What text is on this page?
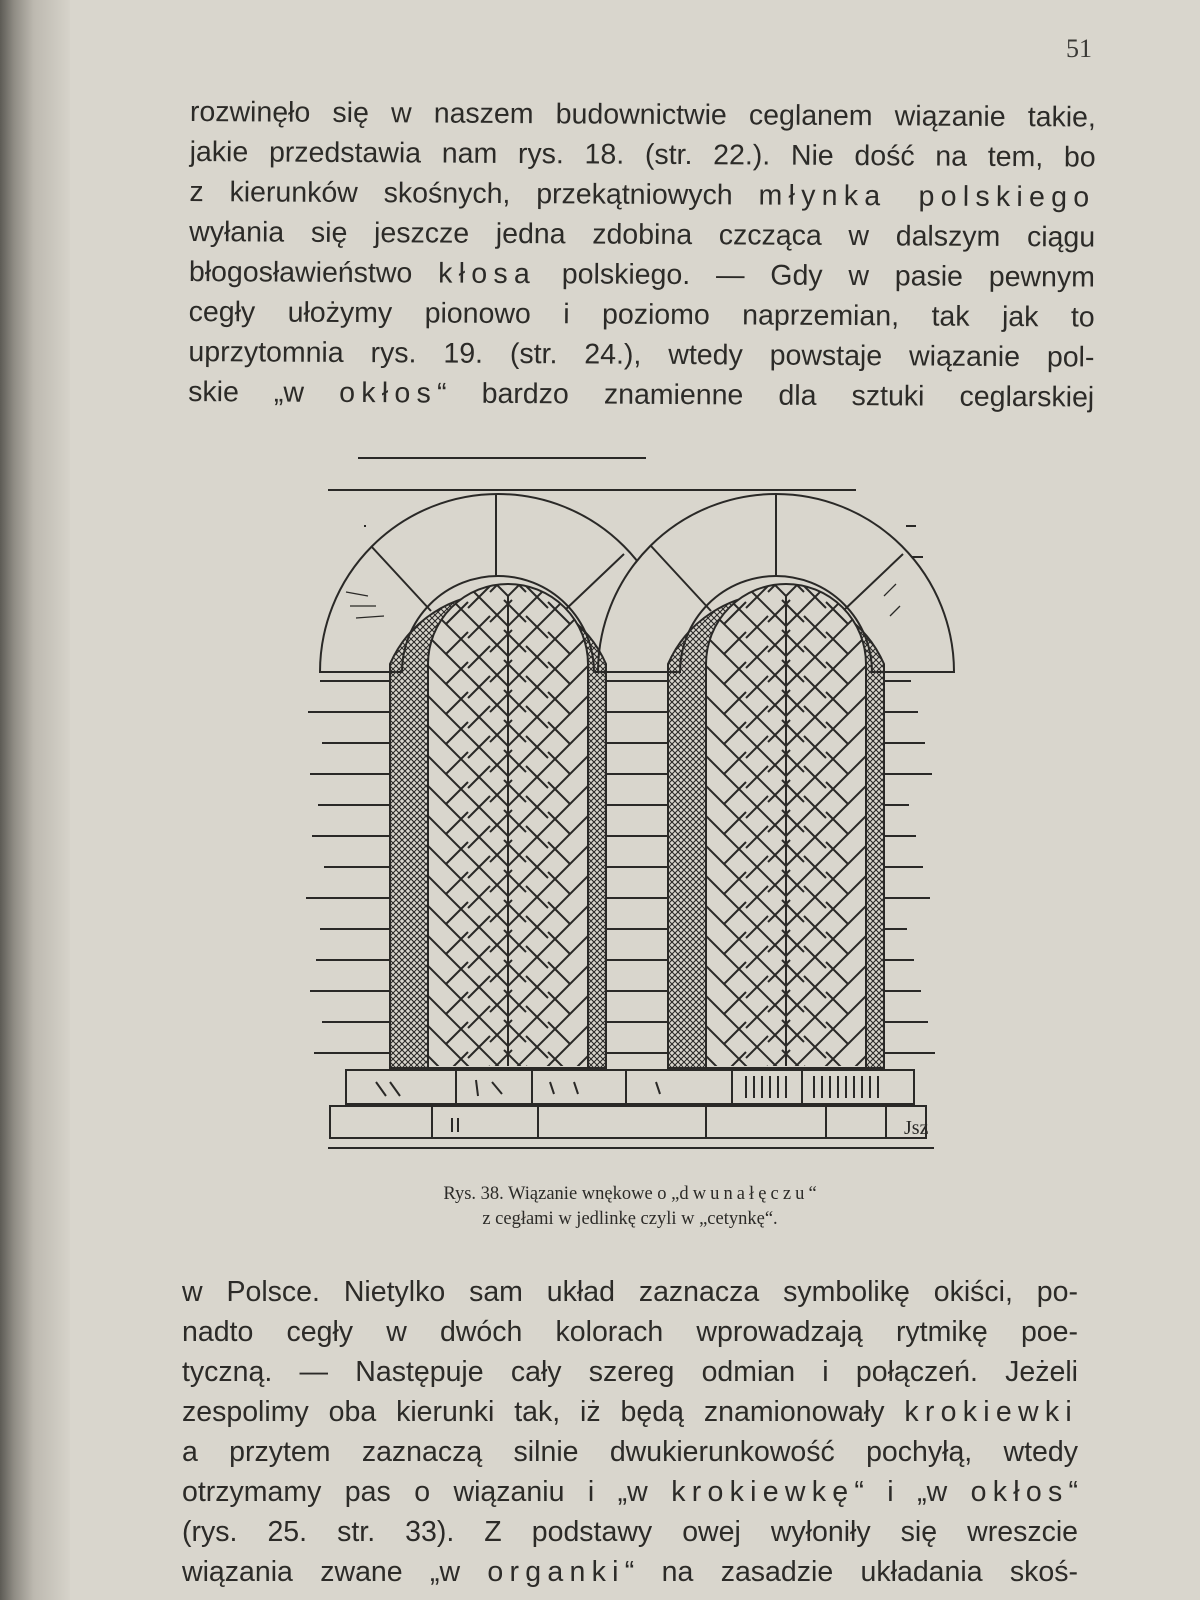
51
rozwinęło się w naszem budownictwie ceglanem wiązanie takie,
jakie przedstawia nam rys. 18. (str. 22.). Nie dość na tem, bo
z kierunków skośnych, przekątniowych młynka polskiego
wyłania się jeszcze jedna zdobina czcząca w dalszym ciągu
błogosławieństwo kłosa polskiego. — Gdy w pasie pewnym
cegły ułożymy pionowo i poziomo naprzemian, tak jak to
uprzytomnia rys. 19. (str. 24.), wtedy powstaje wiązanie pol-
skie „w okłos“ bardzo znamienne dla sztuki ceglarskiej
Jsz
Rys. 38. Wiązanie wnękowe o „dwunałęczu“
z cegłami w jedlinkę czyli w „cetynkę“.
w Polsce. Nietylko sam układ zaznacza symbolikę okiści, po-
nadto cegły w dwóch kolorach wprowadzają rytmikę poe-
tyczną. — Następuje cały szereg odmian i połączeń. Jeżeli
zespolimy oba kierunki tak, iż będą znamionowały krokiewki
a przytem zaznaczą silnie dwukierunkowość pochyłą, wtedy
otrzymamy pas o wiązaniu i „w krokiewkę“ i „w okłos“
(rys. 25. str. 33). Z podstawy owej wyłoniły się wreszcie
wiązania zwane „w organki“ na zasadzie układania skoś-
